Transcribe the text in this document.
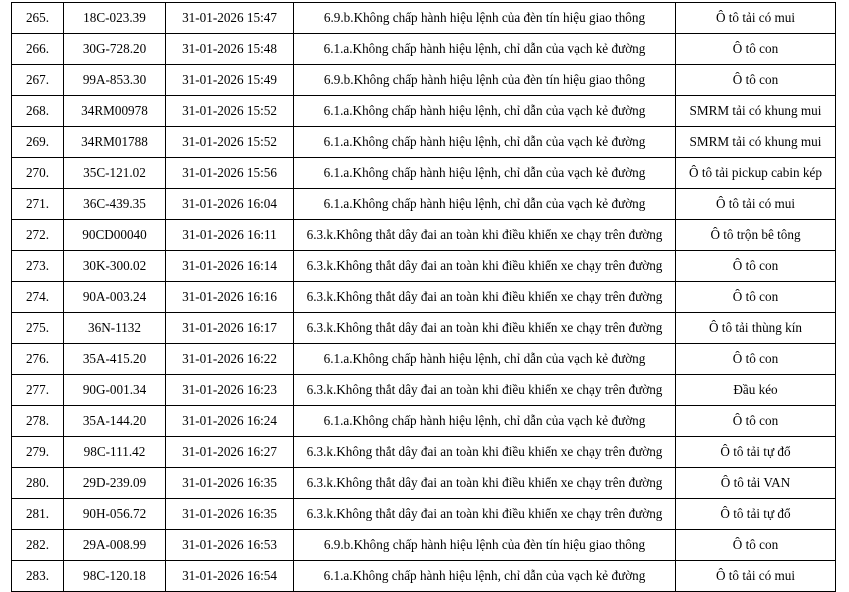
265.	18C-023.39	31-01-2026 15:47	6.9.b.Không chấp hành hiệu lệnh của đèn tín hiệu giao thông	Ô tô tải có mui
266.	30G-728.20	31-01-2026 15:48	6.1.a.Không chấp hành hiệu lệnh, chỉ dẫn của vạch kẻ đường	Ô tô con
267.	99A-853.30	31-01-2026 15:49	6.9.b.Không chấp hành hiệu lệnh của đèn tín hiệu giao thông	Ô tô con
268.	34RM00978	31-01-2026 15:52	6.1.a.Không chấp hành hiệu lệnh, chỉ dẫn của vạch kẻ đường	SMRM tải có khung mui
269.	34RM01788	31-01-2026 15:52	6.1.a.Không chấp hành hiệu lệnh, chỉ dẫn của vạch kẻ đường	SMRM tải có khung mui
270.	35C-121.02	31-01-2026 15:56	6.1.a.Không chấp hành hiệu lệnh, chỉ dẫn của vạch kẻ đường	Ô tô tải pickup cabin kép
271.	36C-439.35	31-01-2026 16:04	6.1.a.Không chấp hành hiệu lệnh, chỉ dẫn của vạch kẻ đường	Ô tô tải có mui
272.	90CD00040	31-01-2026 16:11	6.3.k.Không thắt dây đai an toàn khi điều khiển xe chạy trên đường	Ô tô trộn bê tông
273.	30K-300.02	31-01-2026 16:14	6.3.k.Không thắt dây đai an toàn khi điều khiển xe chạy trên đường	Ô tô con
274.	90A-003.24	31-01-2026 16:16	6.3.k.Không thắt dây đai an toàn khi điều khiển xe chạy trên đường	Ô tô con
275.	36N-1132	31-01-2026 16:17	6.3.k.Không thắt dây đai an toàn khi điều khiển xe chạy trên đường	Ô tô tải thùng kín
276.	35A-415.20	31-01-2026 16:22	6.1.a.Không chấp hành hiệu lệnh, chỉ dẫn của vạch kẻ đường	Ô tô con
277.	90G-001.34	31-01-2026 16:23	6.3.k.Không thắt dây đai an toàn khi điều khiển xe chạy trên đường	Đầu kéo
278.	35A-144.20	31-01-2026 16:24	6.1.a.Không chấp hành hiệu lệnh, chỉ dẫn của vạch kẻ đường	Ô tô con
279.	98C-111.42	31-01-2026 16:27	6.3.k.Không thắt dây đai an toàn khi điều khiển xe chạy trên đường	Ô tô tải tự đổ
280.	29D-239.09	31-01-2026 16:35	6.3.k.Không thắt dây đai an toàn khi điều khiển xe chạy trên đường	Ô tô tải VAN
281.	90H-056.72	31-01-2026 16:35	6.3.k.Không thắt dây đai an toàn khi điều khiển xe chạy trên đường	Ô tô tải tự đổ
282.	29A-008.99	31-01-2026 16:53	6.9.b.Không chấp hành hiệu lệnh của đèn tín hiệu giao thông	Ô tô con
283.	98C-120.18	31-01-2026 16:54	6.1.a.Không chấp hành hiệu lệnh, chỉ dẫn của vạch kẻ đường	Ô tô tải có mui
